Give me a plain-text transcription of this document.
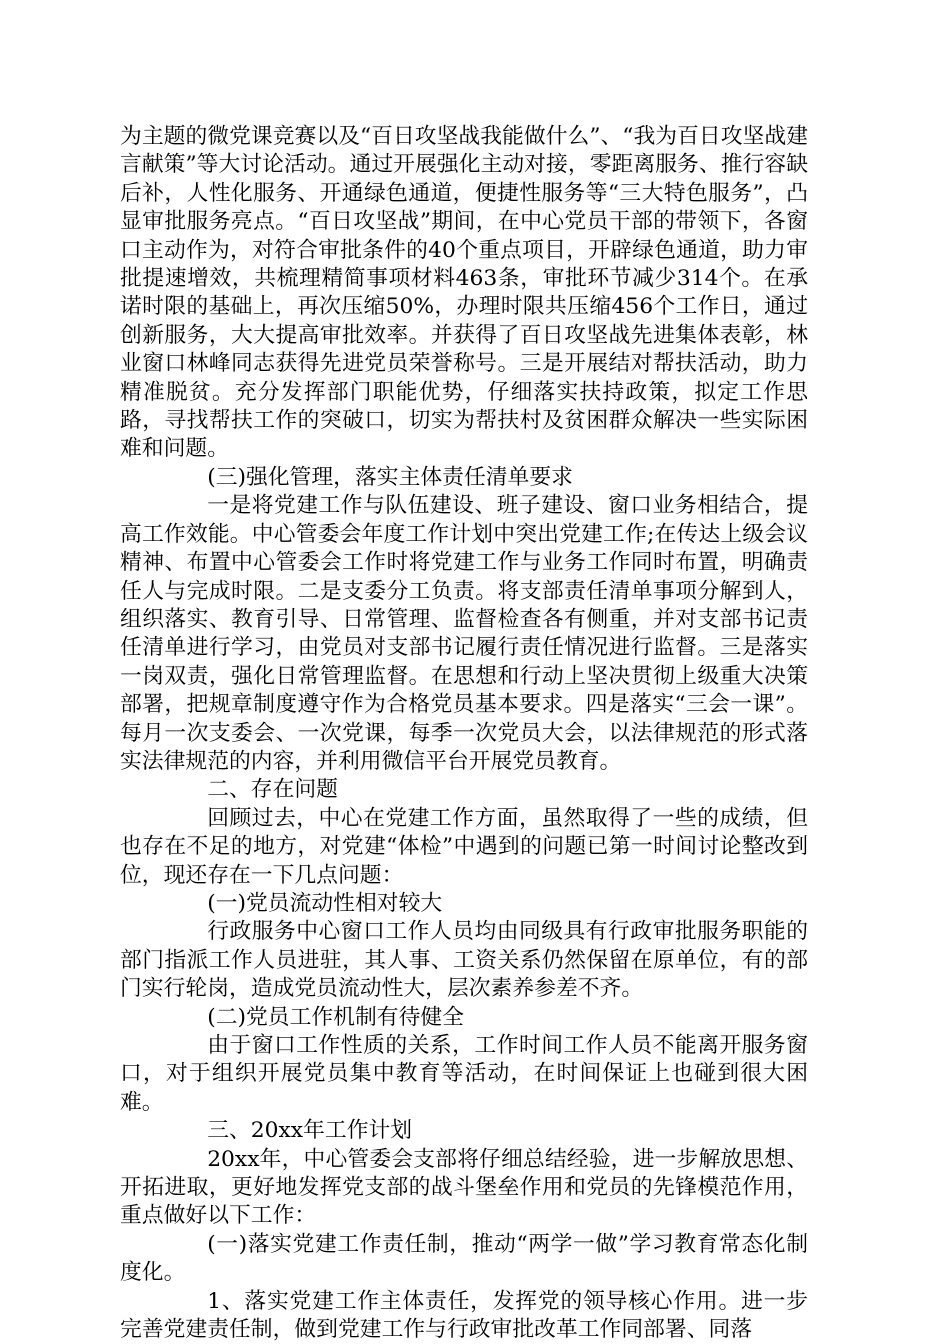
为主题的微党课竞赛以及“百日攻坚战我能做什么”、“我为百日攻坚战建言献策”等大讨论活动。通过开展强化主动对接，零距离服务、推行容缺后补，人性化服务、开通绿色通道，便捷性服务等“三大特色服务”，凸显审批服务亮点。“百日攻坚战”期间，在中心党员干部的带领下，各窗口主动作为，对符合审批条件的40个重点项目，开辟绿色通道，助力审批提速增效，共梳理精简事项材料463条，审批环节减少314个。在承诺时限的基础上，再次压缩50%，办理时限共压缩456个工作日，通过创新服务，大大提高审批效率。并获得了百日攻坚战先进集体表彰，林业窗口林峰同志获得先进党员荣誉称号。三是开展结对帮扶活动，助力精准脱贫。充分发挥部门职能优势，仔细落实扶持政策，拟定工作思路，寻找帮扶工作的突破口，切实为帮扶村及贫困群众解决一些实际困难和问题。

(三)强化管理，落实主体责任清单要求

一是将党建工作与队伍建设、班子建设、窗口业务相结合，提高工作效能。中心管委会年度工作计划中突出党建工作;在传达上级会议精神、布置中心管委会工作时将党建工作与业务工作同时布置，明确责任人与完成时限。二是支委分工负责。将支部责任清单事项分解到人，组织落实、教育引导、日常管理、监督检查各有侧重，并对支部书记责任清单进行学习，由党员对支部书记履行责任情况进行监督。三是落实一岗双责，强化日常管理监督。在思想和行动上坚决贯彻上级重大决策部署，把规章制度遵守作为合格党员基本要求。四是落实“三会一课”。每月一次支委会、一次党课，每季一次党员大会，以法律规范的形式落实法律规范的内容，并利用微信平台开展党员教育。

二、存在问题

回顾过去，中心在党建工作方面，虽然取得了一些的成绩，但也存在不足的地方，对党建“体检”中遇到的问题已第一时间讨论整改到位，现还存在一下几点问题：

(一)党员流动性相对较大

行政服务中心窗口工作人员均由同级具有行政审批服务职能的部门指派工作人员进驻，其人事、工资关系仍然保留在原单位，有的部门实行轮岗，造成党员流动性大，层次素养参差不齐。

(二)党员工作机制有待健全

由于窗口工作性质的关系，工作时间工作人员不能离开服务窗口，对于组织开展党员集中教育等活动，在时间保证上也碰到很大困难。

三、20xx年工作计划

20xx年，中心管委会支部将仔细总结经验，进一步解放思想、开拓进取，更好地发挥党支部的战斗堡垒作用和党员的先锋模范作用，重点做好以下工作：

(一)落实党建工作责任制，推动“两学一做”学习教育常态化制度化。

1、落实党建工作主体责任，发挥党的领导核心作用。进一步完善党建责任制，做到党建工作与行政审批改革工作同部署、同落
